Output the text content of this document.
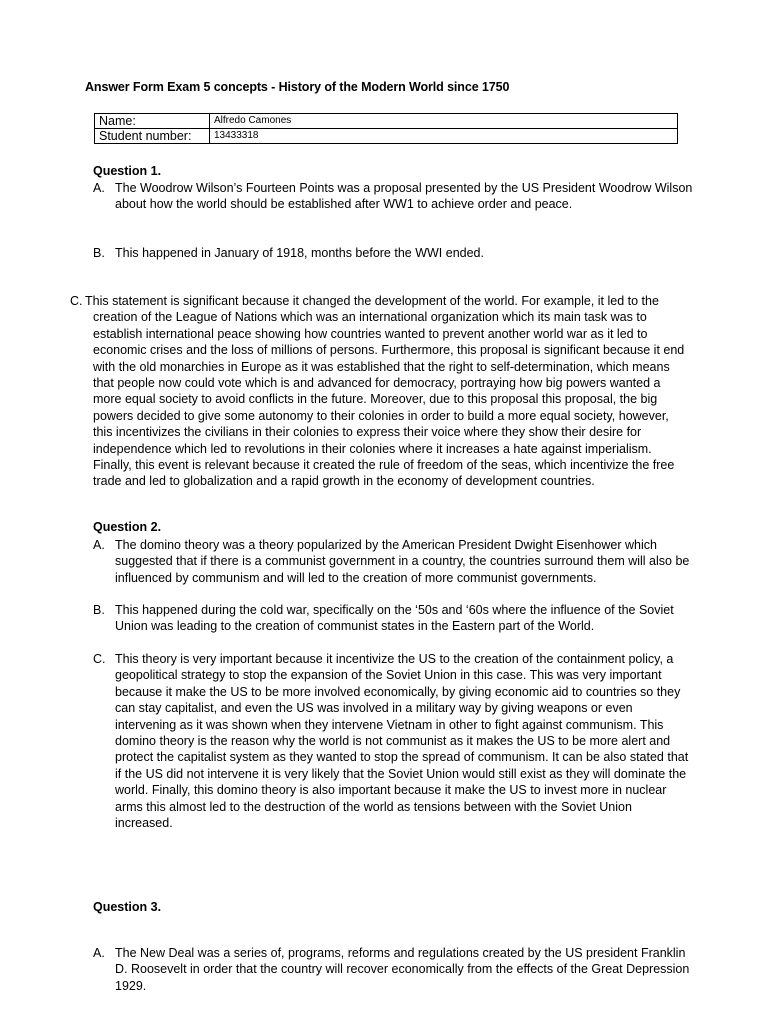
Answer Form Exam 5 concepts - History of the Modern World since 1750
Name:	Alfredo Camones
Student number:	13433318
Question 1.
A. The Woodrow Wilson’s Fourteen Points was a proposal presented by the US President Woodrow Wilson about how the world should be established after WW1 to achieve order and peace.
B. This happened in January of 1918, months before the WWI ended.
C. This statement is significant because it changed the development of the world. For example, it led to the creation of the League of Nations which was an international organization which its main task was to establish international peace showing how countries wanted to prevent another world war as it led to economic crises and the loss of millions of persons. Furthermore, this proposal is significant because it end with the old monarchies in Europe as it was established that the right to self-determination, which means that people now could vote which is and advanced for democracy, portraying how big powers wanted a more equal society to avoid conflicts in the future. Moreover, due to this proposal this proposal, the big powers decided to give some autonomy to their colonies in order to build a more equal society, however, this incentivizes the civilians in their colonies to express their voice where they show their desire for independence which led to revolutions in their colonies where it increases a hate against imperialism. Finally, this event is relevant because it created the rule of freedom of the seas, which incentivize the free trade and led to globalization and a rapid growth in the economy of development countries.
Question 2.
A. The domino theory was a theory popularized by the American President Dwight Eisenhower which suggested that if there is a communist government in a country, the countries surround them will also be influenced by communism and will led to the creation of more communist governments.
B. This happened during the cold war, specifically on the ‘50s and ‘60s where the influence of the Soviet Union was leading to the creation of communist states in the Eastern part of the World.
C. This theory is very important because it incentivize the US to the creation of the containment policy, a geopolitical strategy to stop the expansion of the Soviet Union in this case. This was very important because it make the US to be more involved economically, by giving economic aid to countries so they can stay capitalist, and even the US was involved in a military way by giving weapons or even intervening as it was shown when they intervene Vietnam in other to fight against communism. This domino theory is the reason why the world is not communist as it makes the US to be more alert and protect the capitalist system as they wanted to stop the spread of communism. It can be also stated that if the US did not intervene it is very likely that the Soviet Union would still exist as they will dominate the world. Finally, this domino theory is also important because it make the US to invest more in nuclear arms this almost led to the destruction of the world as tensions between with the Soviet Union increased.
Question 3.
A. The New Deal was a series of, programs, reforms and regulations created by the US president Franklin D. Roosevelt in order that the country will recover economically from the effects of the Great Depression 1929.
